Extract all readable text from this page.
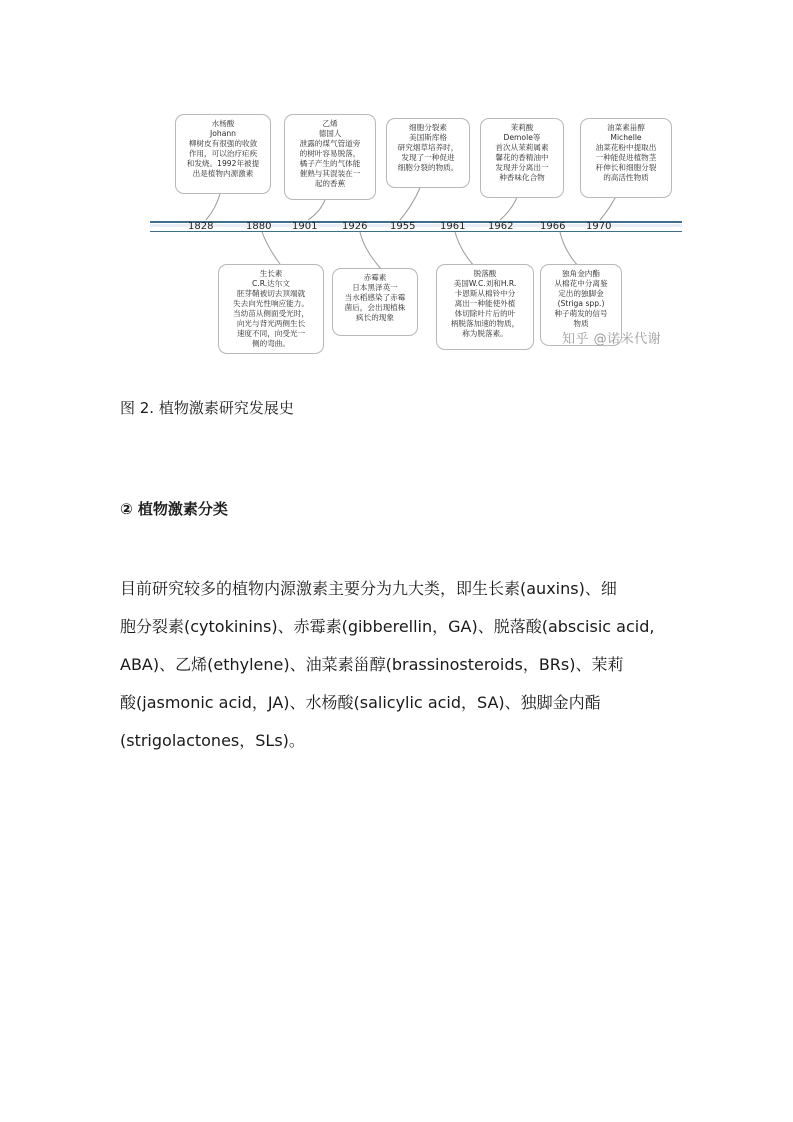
1828	1880 1901 1926 1955 1961 1962	1966 1970
水杨酸
Johann
柳树皮有很强的收敛
作用，可以治疗疟疾
和发烧。1992年被提
出是植物内源激素
乙烯
德国人
泄露的煤气管道旁
的树叶容易脱落，
橘子产生的气体能
催熟与其混装在一
起的香蕉
细胞分裂素
美国斯库格
研究烟草培养时，
发现了一种促进
细胞分裂的物质。
茉莉酸
Demole等
首次从茉莉属素
馨花的香精油中
发现并分离出一
种香味化合物
油菜素甾醇
Michelle
油菜花粉中提取出
一种能促进植物茎
秆伸长和细胞分裂
的高活性物质
生长素
C.R.达尔文
胚芽鞘被切去顶端就
失去向光性响应能力。
当幼苗从侧面受光时，
向光与背光两侧生长
速度不同，向受光一
侧的弯曲。
赤霉素
日本黑泽英一
当水稻感染了赤霉
菌后，会出现植株
疯长的现象
脱落酸
美国W.C.刘和H.R.
卡恩斯从棉铃中分
离出一种能使外植
体切除叶片后的叶
柄脱落加速的物质，
称为脱落素。
独角金内酯
从棉花中分离鉴
定出的独脚金
(Striga spp.)
种子萌发的信号
物质
知乎 @诺米代谢
图 2. 植物激素研究发展史
② 植物激素分类
目前研究较多的植物内源激素主要分为九大类，即生长素(auxins)、细
胞分裂素(cytokinins)、赤霉素(gibberellin，GA)、脱落酸(abscisic acid,
ABA)、乙烯(ethylene)、油菜素甾醇(brassinosteroids，BRs)、茉莉
酸(jasmonic acid，JA)、水杨酸(salicylic acid，SA)、独脚金内酯
(strigolactones，SLs)。
